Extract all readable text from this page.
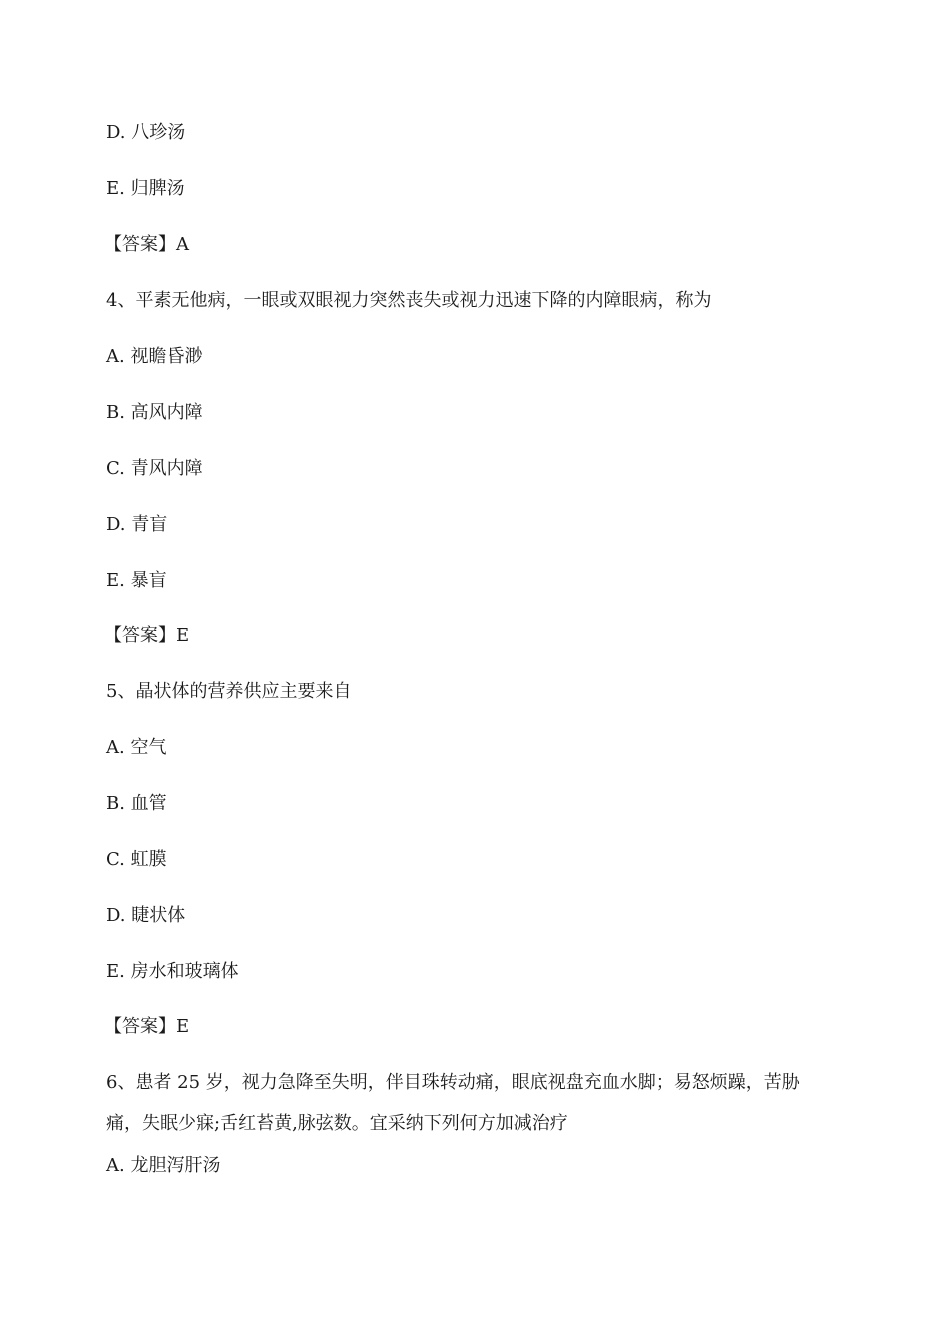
D. 八珍汤
E. 归脾汤
【答案】A
4、平素无他病，一眼或双眼视力突然丧失或视力迅速下降的内障眼病，称为
A. 视瞻昏渺
B. 高风内障
C. 青风内障
D. 青盲
E. 暴盲
【答案】E
5、晶状体的营养供应主要来自
A. 空气
B. 血管
C. 虹膜
D. 睫状体
E. 房水和玻璃体
【答案】E
6、患者 25 岁，视力急降至失明，伴目珠转动痛，眼底视盘充血水脚；易怒烦躁，苦胁
痛，失眠少寐;舌红苔黄,脉弦数。宜采纳下列何方加减治疗
A. 龙胆泻肝汤
